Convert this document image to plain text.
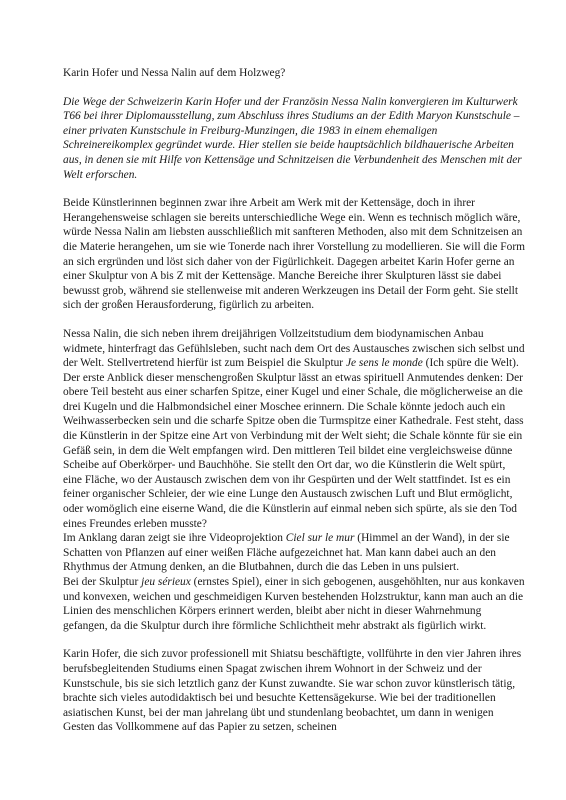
Karin Hofer und Nessa Nalin auf dem Holzweg?

Die Wege der Schweizerin Karin Hofer und der Französin Nessa Nalin konvergieren im Kulturwerk T66 bei ihrer Diplomausstellung, zum Abschluss ihres Studiums an der Edith Maryon Kunstschule – einer privaten Kunstschule in Freiburg-Munzingen, die 1983 in einem ehemaligen Schreinereikomplex gegründet wurde. Hier stellen sie beide hauptsächlich bildhauerische Arbeiten aus, in denen sie mit Hilfe von Kettensäge und Schnitzeisen die Verbundenheit des Menschen mit der Welt erforschen.

Beide Künstlerinnen beginnen zwar ihre Arbeit am Werk mit der Kettensäge, doch in ihrer Herangehensweise schlagen sie bereits unterschiedliche Wege ein. Wenn es technisch möglich wäre, würde Nessa Nalin am liebsten ausschließlich mit sanfteren Methoden, also mit dem Schnitzeisen an die Materie herangehen, um sie wie Tonerde nach ihrer Vorstellung zu modellieren. Sie will die Form an sich ergründen und löst sich daher von der Figürlichkeit. Dagegen arbeitet Karin Hofer gerne an einer Skulptur von A bis Z mit der Kettensäge. Manche Bereiche ihrer Skulpturen lässt sie dabei bewusst grob, während sie stellenweise mit anderen Werkzeugen ins Detail der Form geht. Sie stellt sich der großen Herausforderung, figürlich zu arbeiten.

Nessa Nalin, die sich neben ihrem dreijährigen Vollzeitstudium dem biodynamischen Anbau widmete, hinterfragt das Gefühlsleben, sucht nach dem Ort des Austausches zwischen sich selbst und der Welt. Stellvertretend hierfür ist zum Beispiel die Skulptur Je sens le monde (Ich spüre die Welt). Der erste Anblick dieser menschengroßen Skulptur lässt an etwas spirituell Anmutendes denken: Der obere Teil besteht aus einer scharfen Spitze, einer Kugel und einer Schale, die möglicherweise an die drei Kugeln und die Halbmondsichel einer Moschee erinnern. Die Schale könnte jedoch auch ein Weihwasserbecken sein und die scharfe Spitze oben die Turmspitze einer Kathedrale. Fest steht, dass die Künstlerin in der Spitze eine Art von Verbindung mit der Welt sieht; die Schale könnte für sie ein Gefäß sein, in dem die Welt empfangen wird. Den mittleren Teil bildet eine vergleichsweise dünne Scheibe auf Oberkörper- und Bauchhöhe. Sie stellt den Ort dar, wo die Künstlerin die Welt spürt, eine Fläche, wo der Austausch zwischen dem von ihr Gespürten und der Welt stattfindet. Ist es ein feiner organischer Schleier, der wie eine Lunge den Austausch zwischen Luft und Blut ermöglicht, oder womöglich eine eiserne Wand, die die Künstlerin auf einmal neben sich spürte, als sie den Tod eines Freundes erleben musste?

Im Anklang daran zeigt sie ihre Videoprojektion Ciel sur le mur (Himmel an der Wand), in der sie Schatten von Pflanzen auf einer weißen Fläche aufgezeichnet hat. Man kann dabei auch an den Rhythmus der Atmung denken, an die Blutbahnen, durch die das Leben in uns pulsiert.

Bei der Skulptur jeu sérieux (ernstes Spiel), einer in sich gebogenen, ausgehöhlten, nur aus konkaven und konvexen, weichen und geschmeidigen Kurven bestehenden Holzstruktur, kann man auch an die Linien des menschlichen Körpers erinnert werden, bleibt aber nicht in dieser Wahrnehmung gefangen, da die Skulptur durch ihre förmliche Schlichtheit mehr abstrakt als figürlich wirkt.

Karin Hofer, die sich zuvor professionell mit Shiatsu beschäftigte, vollführte in den vier Jahren ihres berufsbegleitenden Studiums einen Spagat zwischen ihrem Wohnort in der Schweiz und der Kunstschule, bis sie sich letztlich ganz der Kunst zuwandte. Sie war schon zuvor künstlerisch tätig, brachte sich vieles autodidaktisch bei und besuchte Kettensägekurse. Wie bei der traditionellen asiatischen Kunst, bei der man jahrelang übt und stundenlang beobachtet, um dann in wenigen Gesten das Vollkommene auf das Papier zu setzen, scheinen
